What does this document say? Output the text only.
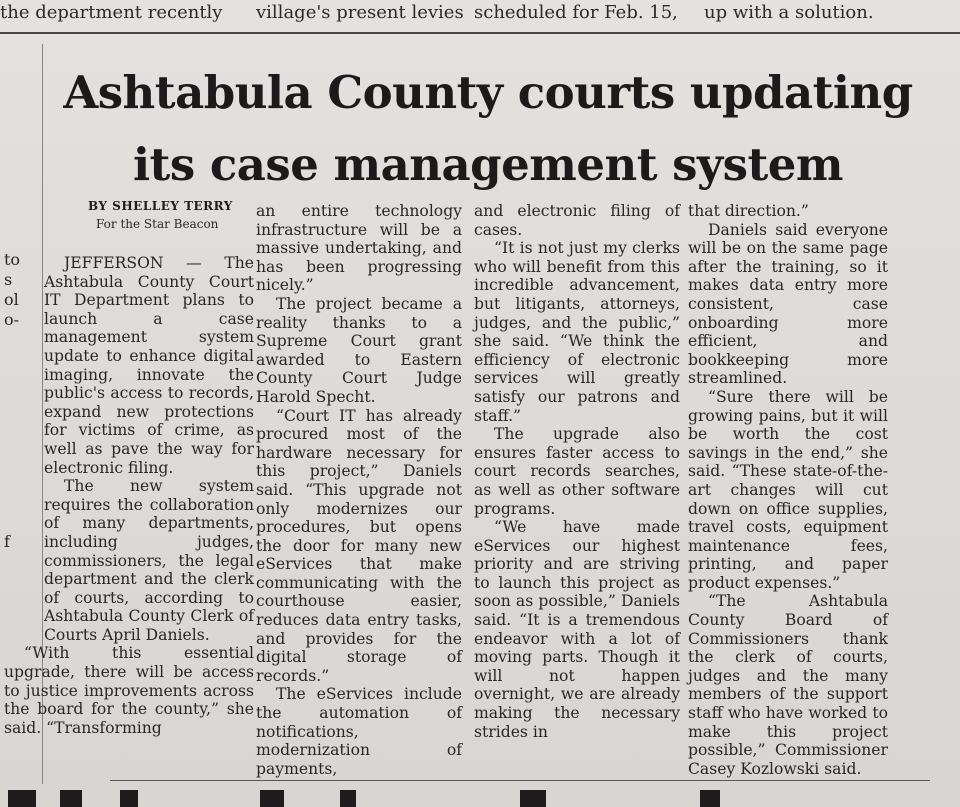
the department recently village's present levies scheduled for Feb. 15, up with a solution.
to
s
ol
o-
f
Ashtabula County courts updating
its case management system
BY SHELLEY TERRY
For the Star Beacon

JEFFERSON — The Ashtabula County Court IT Department plans to launch a case management system update to enhance digital imaging, innovate the public's access to records, expand new protections for victims of crime, as well as pave the way for electronic filing.

The new system requires the collaboration of many departments, including judges, commissioners, the legal department and the clerk of courts, according to Ashtabula County Clerk of Courts April Daniels.

“With this essential upgrade, there will be access to justice improvements across the board for the county,” she said. “Transforming

an entire technology infrastructure will be a massive undertaking, and has been progressing nicely.”

The project became a reality thanks to a Supreme Court grant awarded to Eastern County Court Judge Harold Specht.

“Court IT has already procured most of the hardware necessary for this project,” Daniels said. “This upgrade not only modernizes our procedures, but opens the door for many new eServices that make communicating with the courthouse easier, reduces data entry tasks, and provides for the digital storage of records.”

The eServices include the automation of notifications, modernization of payments,

and electronic filing of cases.

“It is not just my clerks who will benefit from this incredible advancement, but litigants, attorneys, judges, and the public,” she said. “We think the efficiency of electronic services will greatly satisfy our patrons and staff.”

The upgrade also ensures faster access to court records searches, as well as other software programs.

“We have made eServices our highest priority and are striving to launch this project as soon as possible,” Daniels said. “It is a tremendous endeavor with a lot of moving parts. Though it will not happen overnight, we are already making the necessary strides in

that direction.”

Daniels said everyone will be on the same page after the training, so it makes data entry more consistent, case onboarding more efficient, and bookkeeping more streamlined.

“Sure there will be growing pains, but it will be worth the cost savings in the end,” she said. “These state-of-the-art changes will cut down on office supplies, travel costs, equipment maintenance fees, printing, and paper product expenses.”

“The Ashtabula County Board of Commissioners thank the clerk of courts, judges and the many members of the support staff who have worked to make this project possible,” Commissioner Casey Kozlowski said.
